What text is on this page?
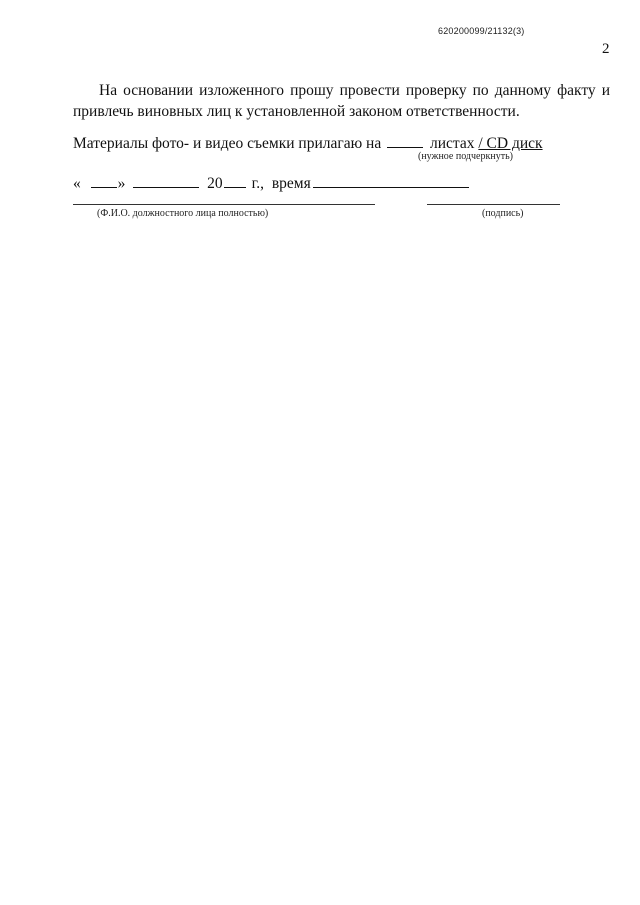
620200099/21132(3)
2
На основании изложенного прошу провести проверку по данному факту и привлечь виновных лиц к установленной законом ответственности.
Материалы фото- и видео съемки прилагаю на	листах / CD диск
(нужное подчеркнуть)
« »	20 г., время
(Ф.И.О. должностного лица полностью)	(подпись)
